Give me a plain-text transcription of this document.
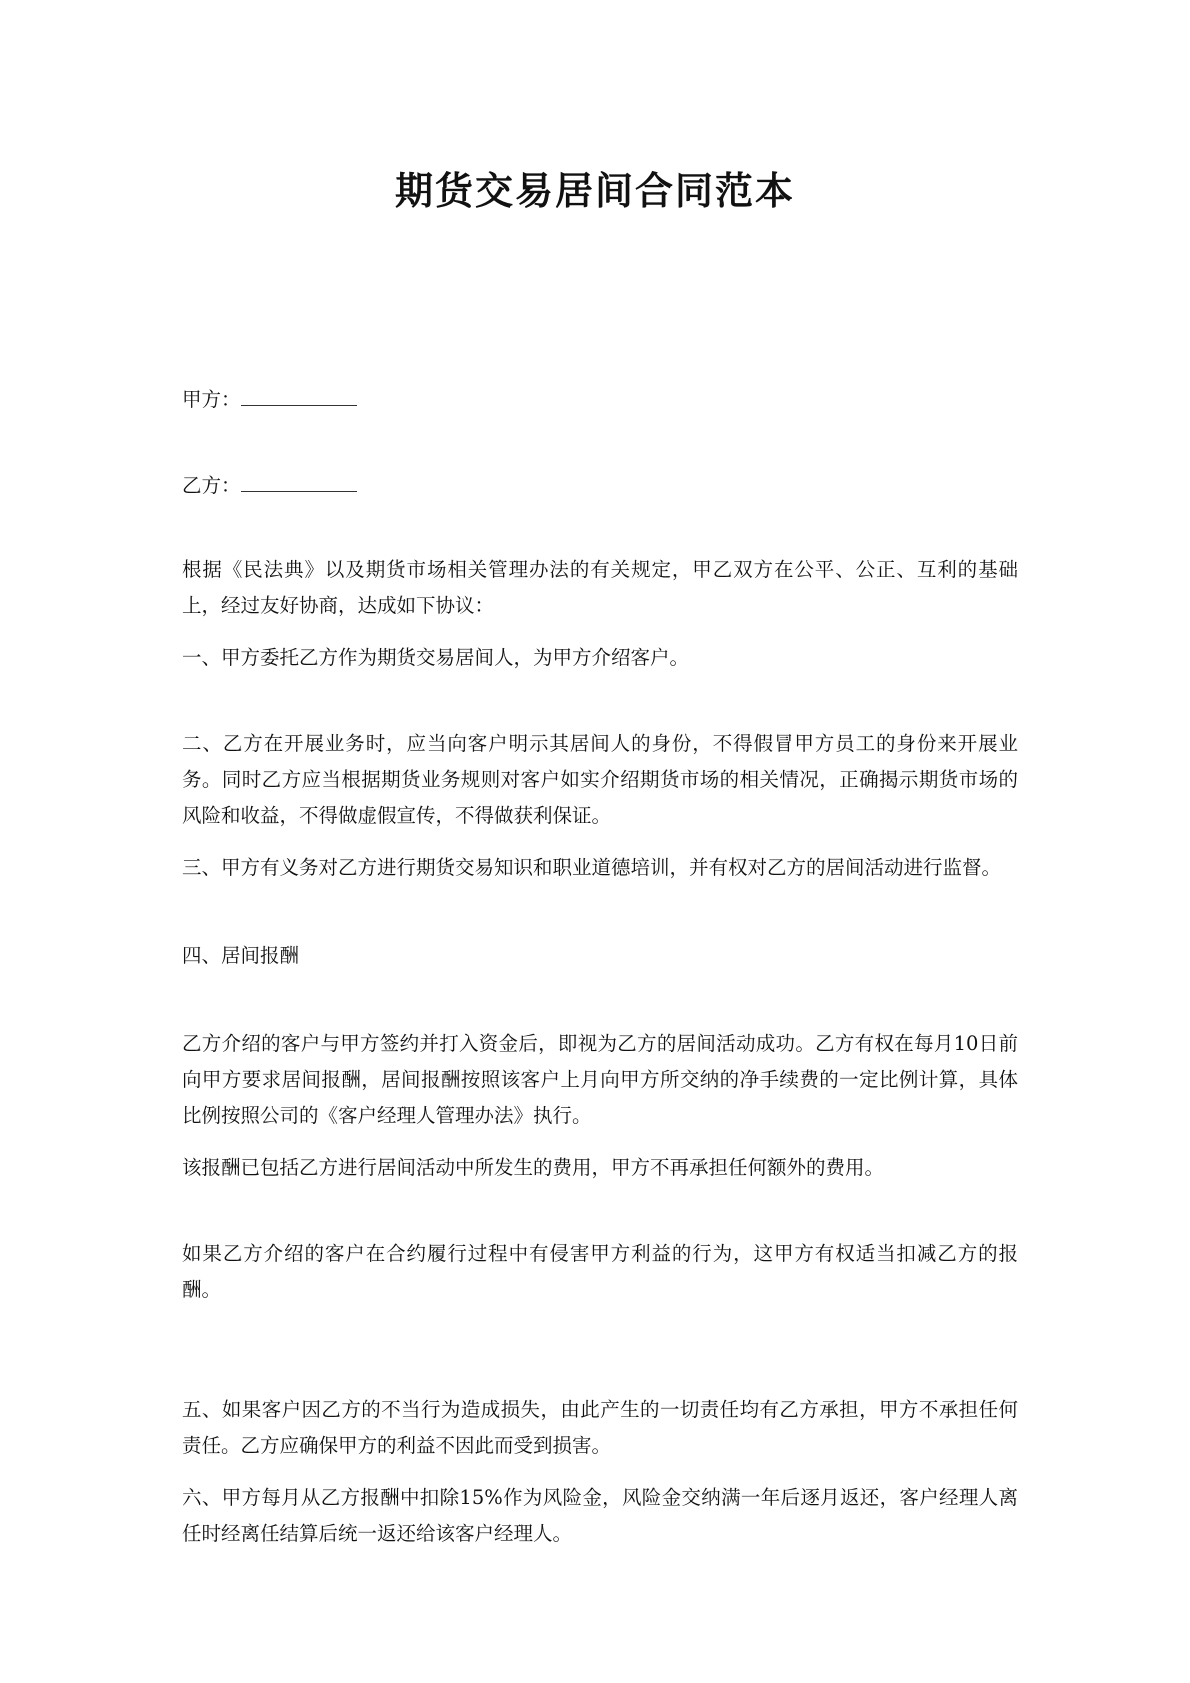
期货交易居间合同范本
甲方：
乙方：

根据《民法典》以及期货市场相关管理办法的有关规定，甲乙双方在公平、公正、互利的基础上，经过友好协商，达成如下协议：

一、甲方委托乙方作为期货交易居间人，为甲方介绍客户。

二、乙方在开展业务时，应当向客户明示其居间人的身份，不得假冒甲方员工的身份来开展业务。同时乙方应当根据期货业务规则对客户如实介绍期货市场的相关情况，正确揭示期货市场的风险和收益，不得做虚假宣传，不得做获利保证。

三、甲方有义务对乙方进行期货交易知识和职业道德培训，并有权对乙方的居间活动进行监督。

四、居间报酬

乙方介绍的客户与甲方签约并打入资金后，即视为乙方的居间活动成功。乙方有权在每月10日前向甲方要求居间报酬，居间报酬按照该客户上月向甲方所交纳的净手续费的一定比例计算，具体比例按照公司的《客户经理人管理办法》执行。

该报酬已包括乙方进行居间活动中所发生的费用，甲方不再承担任何额外的费用。

如果乙方介绍的客户在合约履行过程中有侵害甲方利益的行为，这甲方有权适当扣减乙方的报酬。

五、如果客户因乙方的不当行为造成损失，由此产生的一切责任均有乙方承担，甲方不承担任何责任。乙方应确保甲方的利益不因此而受到损害。

六、甲方每月从乙方报酬中扣除15%作为风险金，风险金交纳满一年后逐月返还，客户经理人离任时经离任结算后统一返还给该客户经理人。
